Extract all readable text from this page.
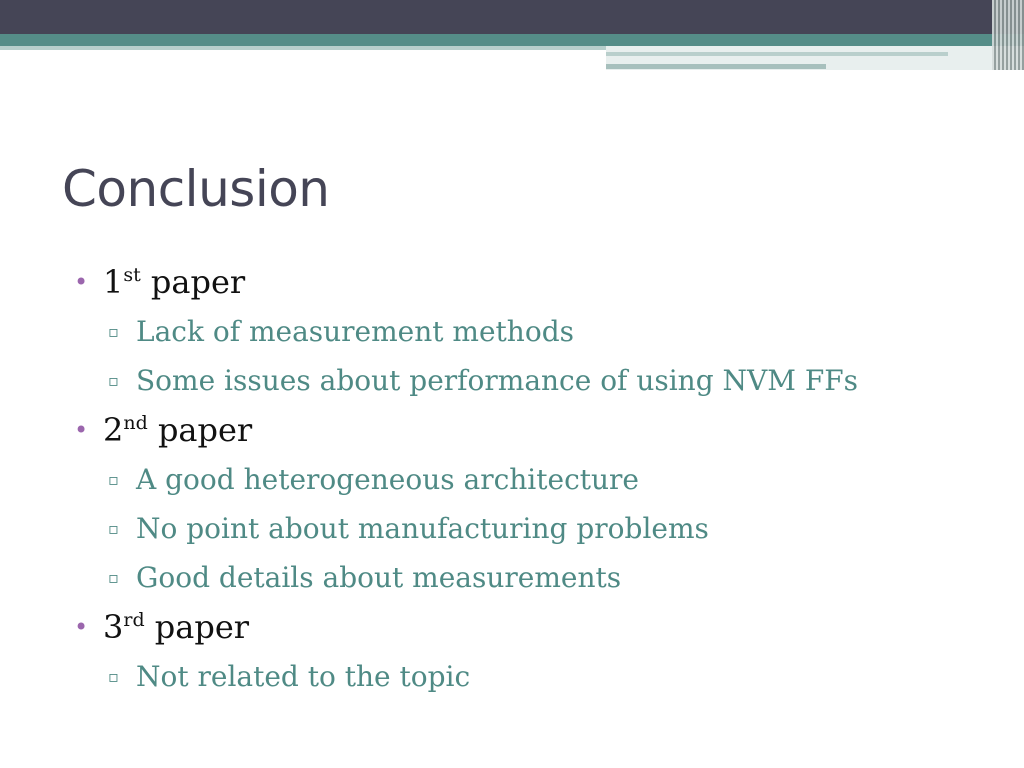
Conclusion
• 1st paper
▫ Lack of measurement methods
▫ Some issues about performance of using NVM FFs
• 2nd paper
▫ A good heterogeneous architecture
▫ No point about manufacturing problems
▫ Good details about measurements
• 3rd paper
▫ Not related to the topic
